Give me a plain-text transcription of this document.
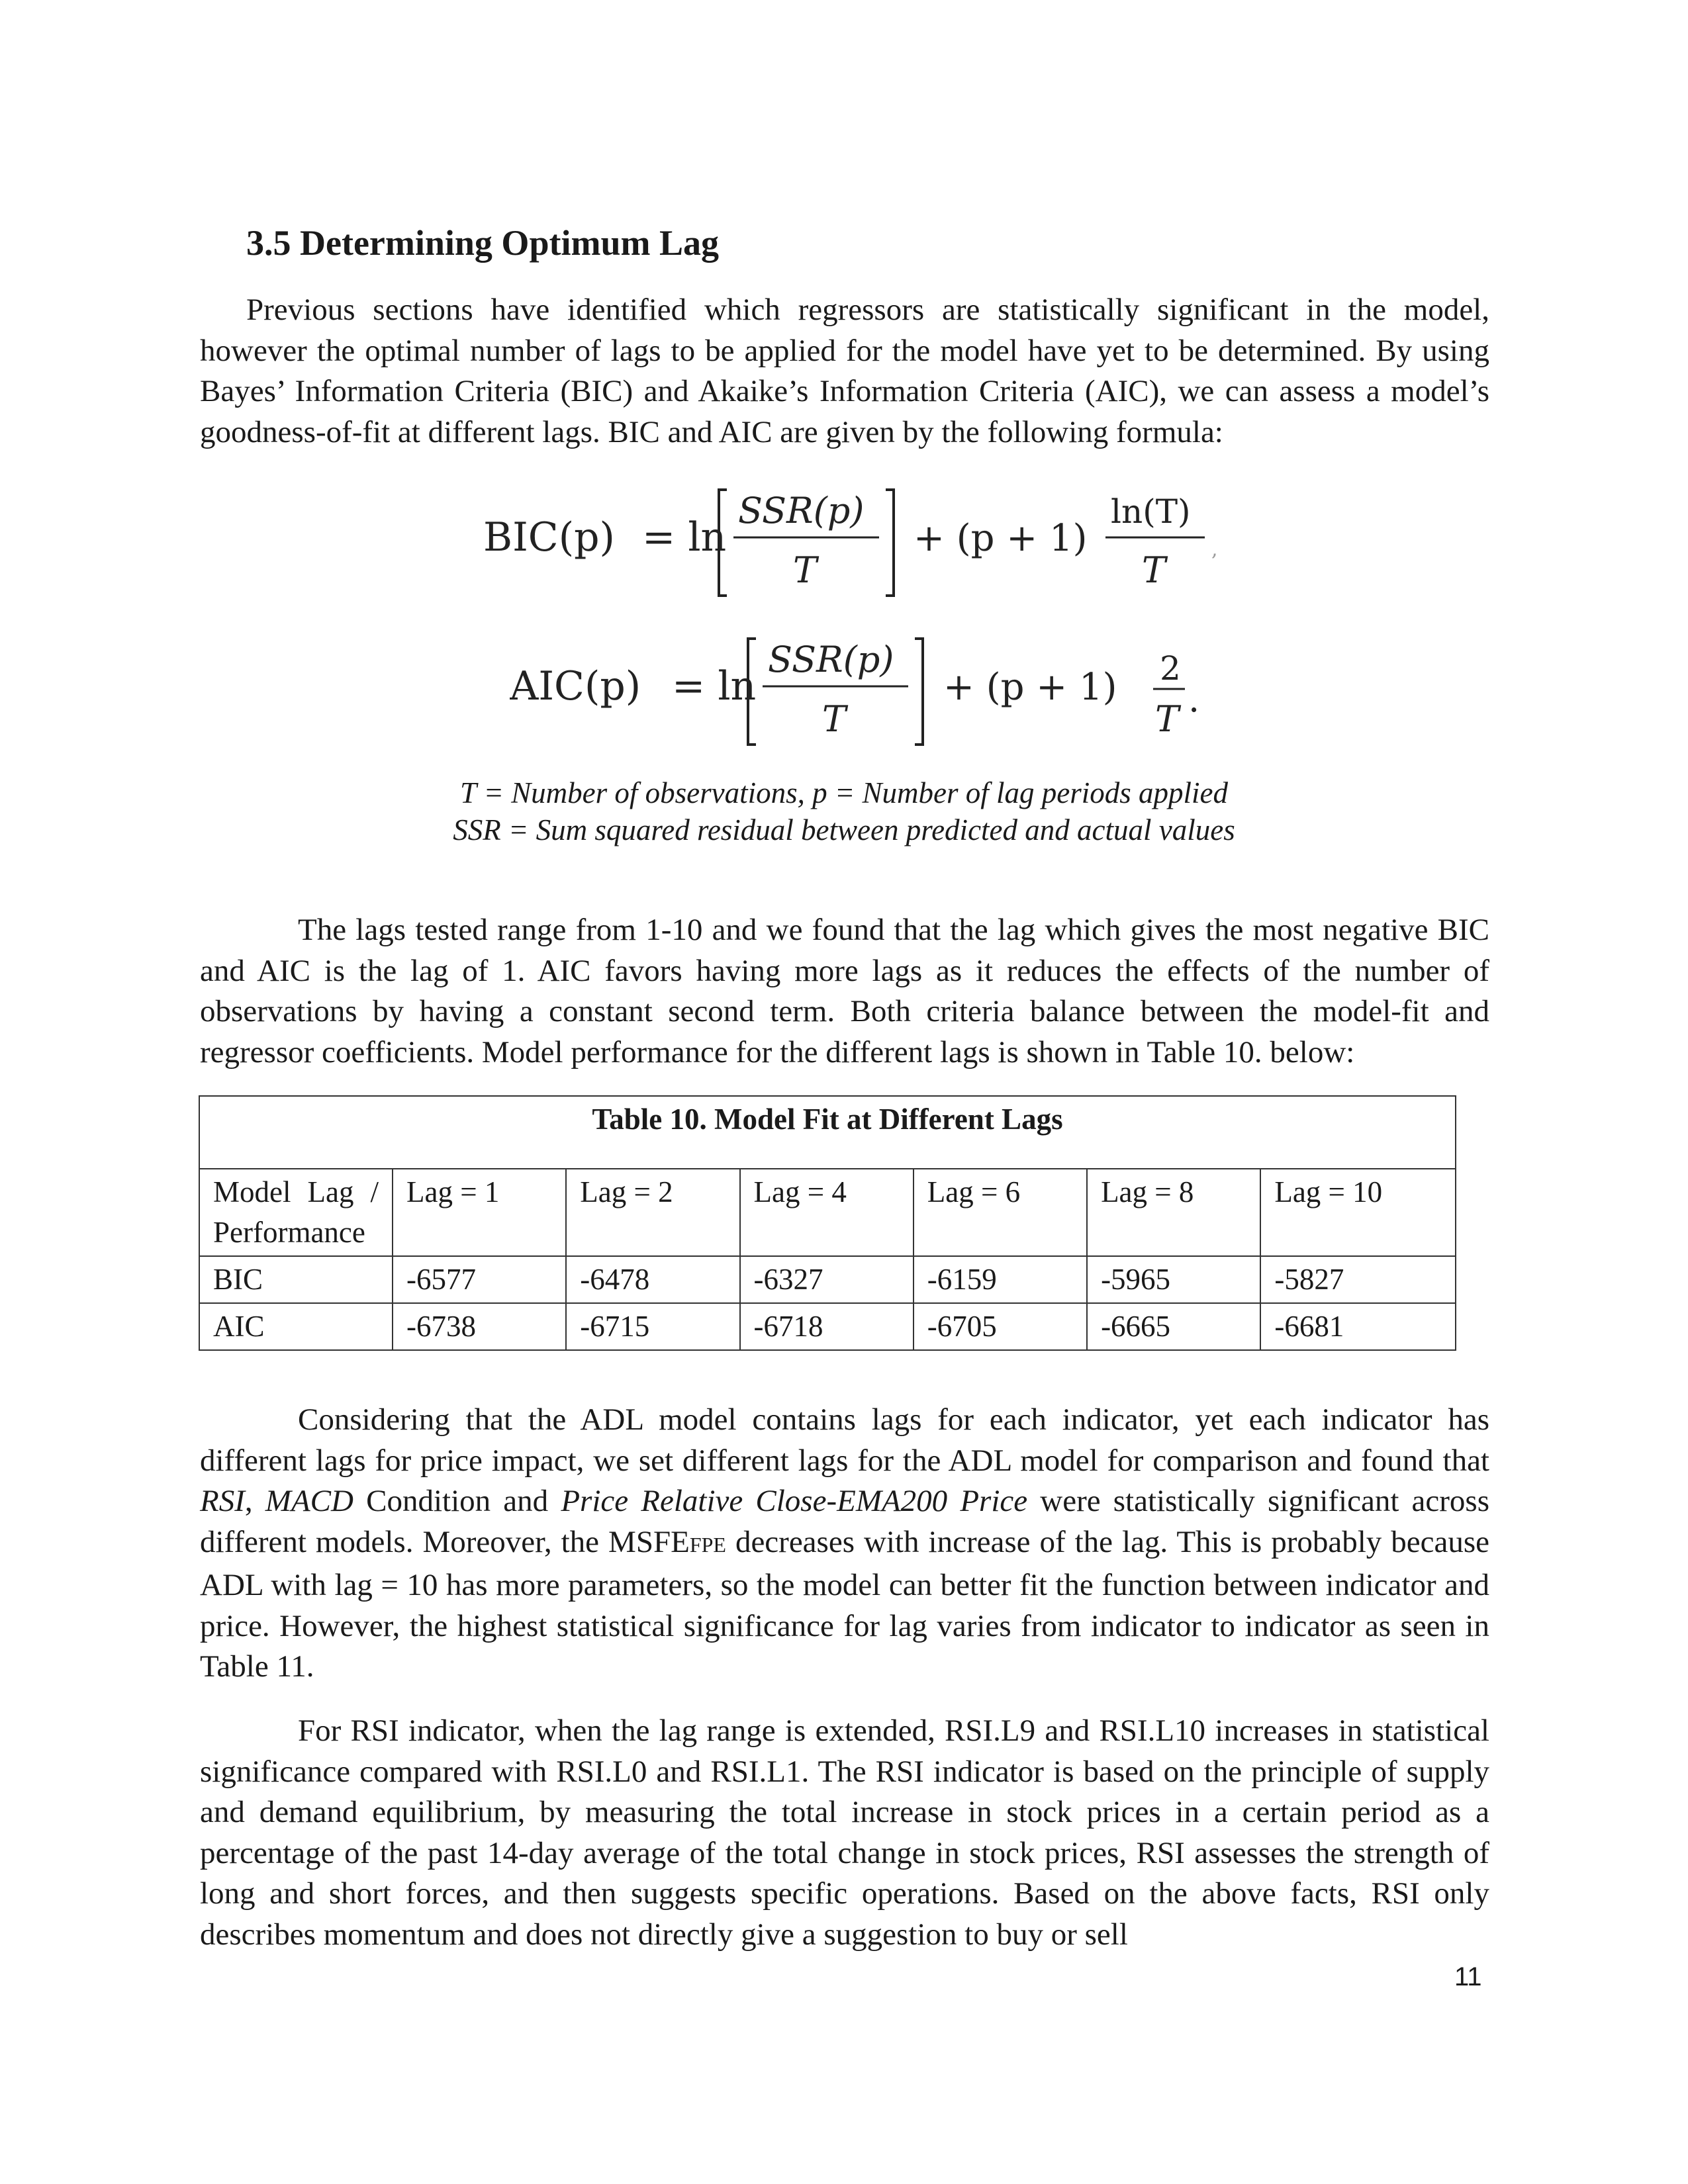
3.5 Determining Optimum Lag

Previous sections have identified which regressors are statistically significant in the model, however the optimal number of lags to be applied for the model have yet to be determined. By using Bayes’ Information Criteria (BIC) and Akaike’s Information Criteria (AIC), we can assess a model’s goodness-of-fit at different lags. BIC and AIC are given by the following formula:

BIC(p) = ln
SSR(p)
T
+ (p + 1)
ln(T)
T ,
AIC(p) = ln
SSR(p)
T
+ (p + 1) 2
T .

T = Number of observations, p = Number of lag periods applied

SSR = Sum squared residual between predicted and actual values

The lags tested range from 1-10 and we found that the lag which gives the most negative BIC and AIC is the lag of 1. AIC favors having more lags as it reduces the effects of the number of observations by having a constant second term. Both criteria balance between the model-fit and regressor coefficients. Model performance for the different lags is shown in Table 10. below:

Table 10. Model Fit at Different Lags						
Model Lag / Performance	Lag = 1	Lag = 2	Lag = 4	Lag = 6	Lag = 8	Lag = 10
BIC	-6577	-6478	-6327	-6159	-5965	-5827
AIC	-6738	-6715	-6718	-6705	-6665	-6681

Considering that the ADL model contains lags for each indicator, yet each indicator has different lags for price impact, we set different lags for the ADL model for comparison and found that RSI, MACD Condition and Price Relative Close-EMA200 Price were statistically significant across different models. Moreover, the MSFEFPE decreases with increase of the lag. This is probably because ADL with lag = 10 has more parameters, so the model can better fit the function between indicator and price. However, the highest statistical significance for lag varies from indicator to indicator as seen in Table 11.

For RSI indicator, when the lag range is extended, RSI.L9 and RSI.L10 increases in statistical significance compared with RSI.L0 and RSI.L1. The RSI indicator is based on the principle of supply and demand equilibrium, by measuring the total increase in stock prices in a certain period as a percentage of the past 14-day average of the total change in stock prices, RSI assesses the strength of long and short forces, and then suggests specific operations. Based on the above facts, RSI only describes momentum and does not directly give a suggestion to buy or sell

11
